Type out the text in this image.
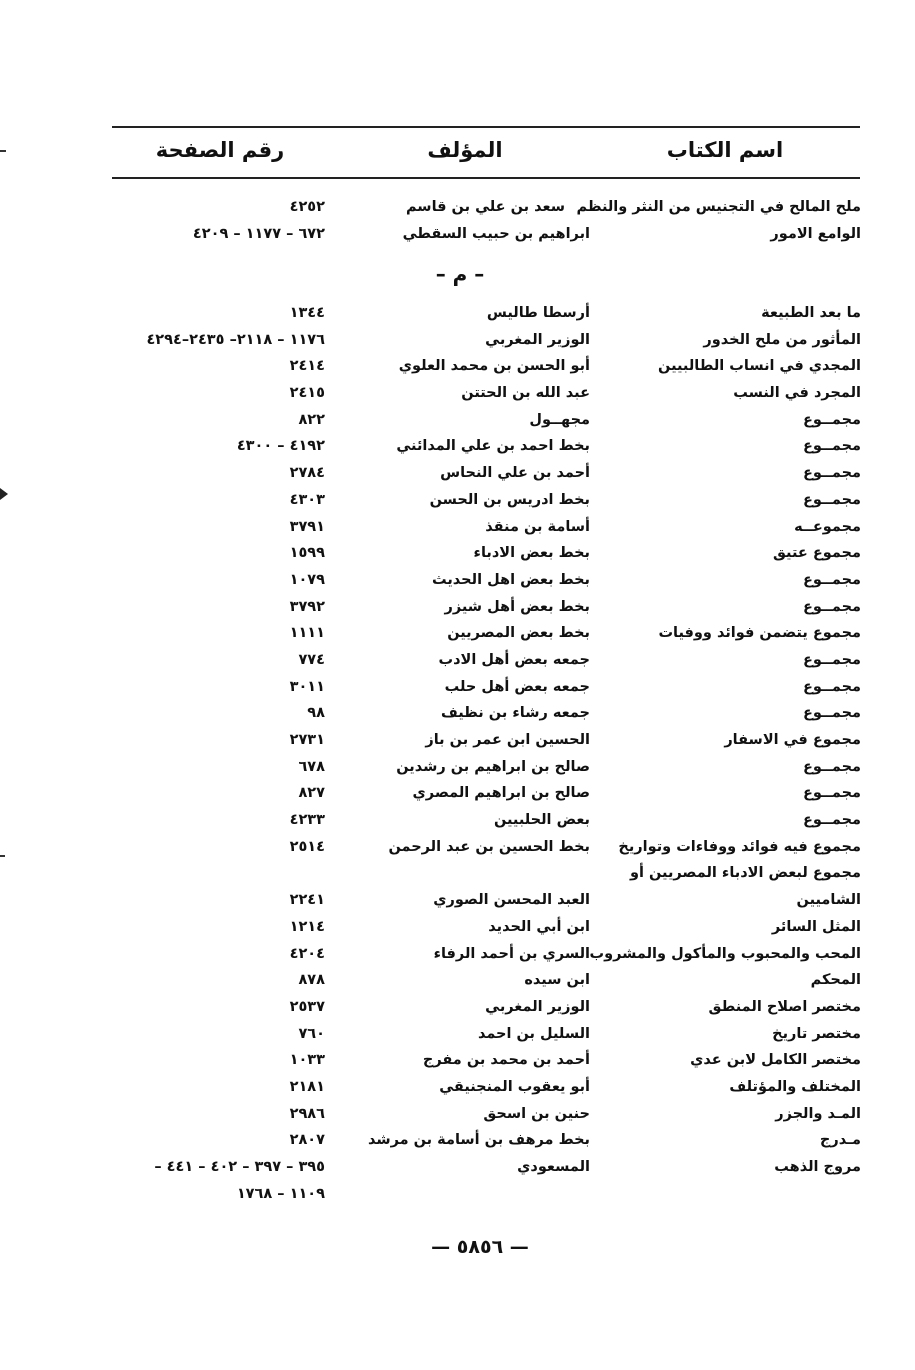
اسم الكتاب
المؤلف
رقم الصفحة
ملح المالح في التجنيس من النثر والنظم
سعد بن علي بن قاسم
٤٢٥٢
الوامع الامور
ابراهيم بن حبيب السقطي
٦٧٢ – ١١٧٧ – ٤٢٠٩
– م –
ما بعد الطبيعة
أرسطا طاليس
١٣٤٤
المأثور من ملح الخدور
الوزير المغربي
١١٧٦ – ٢١١٨– ٢٤٣٥–٤٢٩٤
المجدي في انساب الطالبيين
أبو الحسن بن محمد العلوي
٢٤١٤
المجرد في النسب
عبد الله بن الحتتن
٢٤١٥
مجمــوع
مجهــول
٨٢٢
مجمــوع
بخط احمد بن علي المدائني
٤١٩٢ – ٤٣٠٠
مجمــوع
أحمد بن علي النحاس
٢٧٨٤
مجمــوع
بخط ادريس بن الحسن
٤٣٠٣
مجموعــه
أسامة بن منقذ
٣٧٩١
مجموع عتيق
بخط بعض الادباء
١٥٩٩
مجمــوع
بخط بعض اهل الحديث
١٠٧٩
مجمــوع
بخط بعض أهل شيزر
٣٧٩٢
مجموع يتضمن فوائد ووفيات
بخط بعض المصريين
١١١١
مجمــوع
جمعه بعض أهل الادب
٧٧٤
مجمــوع
جمعه بعض أهل حلب
٣٠١١
مجمــوع
جمعه رشاء بن نظيف
٩٨
مجموع في الاسفار
الحسين ابن عمر بن باز
٢٧٣١
مجمــوع
صالح بن ابراهيم بن رشدين
٦٧٨
مجمــوع
صالح بن ابراهيم المصري
٨٢٧
مجمــوع
بعض الحلبيين
٤٢٣٣
مجموع فيه فوائد ووفاءات وتواريخ
بخط الحسين بن عبد الرحمن
٢٥١٤
مجموع لبعض الادباء المصريين أو
الشاميين
العبد المحسن الصوري
٢٢٤١
المثل السائر
ابن أبي الحديد
١٢١٤
المحب والمحبوب والمأكول والمشروب
السري بن أحمد الرفاء
٤٢٠٤
المحكم
ابن سيده
٨٧٨
مختصر اصلاح المنطق
الوزير المغربي
٢٥٣٧
مختصر تاريخ
السليل بن احمد
٧٦٠
مختصر الكامل لابن عدي
أحمد بن محمد بن مفرج
١٠٣٣
المختلف والمؤتلف
أبو يعقوب المنجنيقي
٢١٨١
المـد والجزر
حنين بن اسحق
٢٩٨٦
مـدرج
بخط مرهف بن أسامة بن مرشد
٢٨٠٧
مروج الذهب
المسعودي
٣٩٥ – ٣٩٧ – ٤٠٢ – ٤٤١ –
١١٠٩ – ١٧٦٨
— ٥٨٥٦ —
